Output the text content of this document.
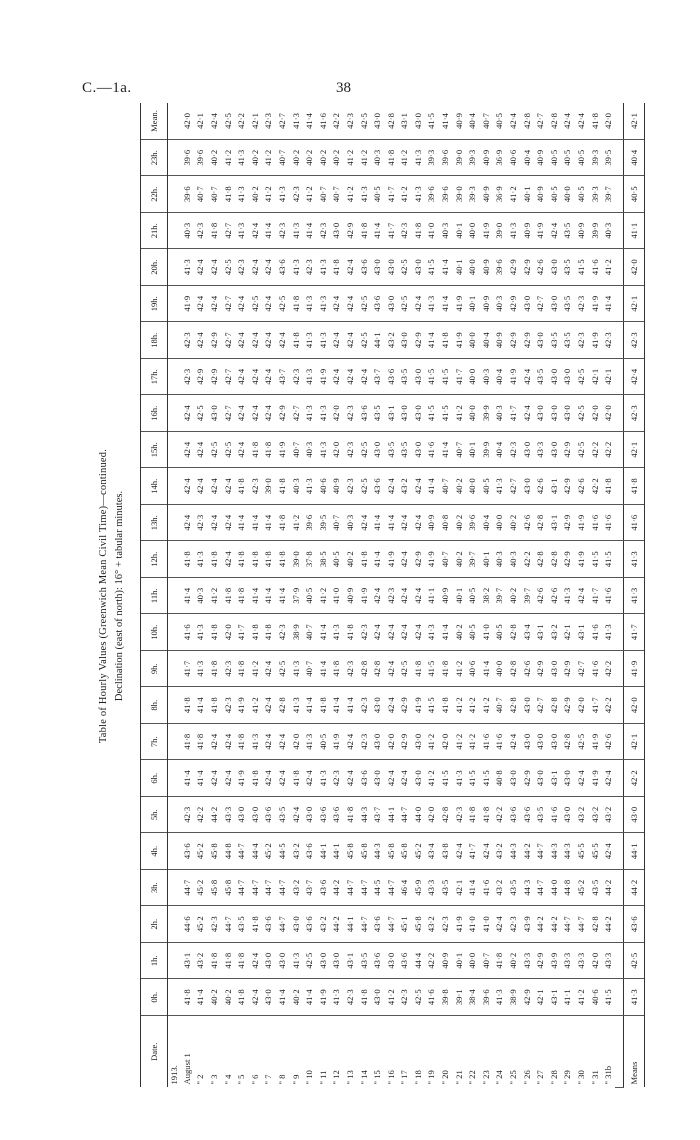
C.—1a.	38
Table of Hourly Values (Greenwich Mean Civil Time)—continued. Declination (east of north): 16° + tabular minutes.
Date.	0h.	1h.	2h.	3h.	4h.	5h.	6h.	7h.	8h.	9h.	10h.	11h.	12h.	13h.	14h.	15h.	16h.	17h.	18h.	19h.	20h.	21h.	22h.	23h.	Mean.
1913.																									
August 1	41·8	43·1	44·6	44·7	43·6	42·3	41·4	41·8	41·8	41·7	41·6	41·4	41·8	42·4	42·4	42·4	42·4	42·3	42·3	41·9	41·3	40·3	39·6	39·6	42·0
" 2	41·4	43·2	45·2	45·2	45·2	42·2	41·4	41·8	41·4	41·3	41·3	40·3	41·3	42·3	42·4	42·4	42·5	42·9	42·4	42·4	42·4	42·3	40·7	39·6	42·1
" 3	40·2	41·8	42·3	45·8	45·8	44·2	42·4	42·4	41·8	41·8	41·8	41·2	41·8	42·4	42·4	42·5	43·0	42·9	42·9	42·4	42·4	41·8	40·7	40·2	42·4
" 4	40·2	41·8	44·7	45·8	44·8	43·3	42·4	42·4	42·3	42·3	42·0	41·8	42·4	42·4	42·4	42·5	42·7	42·7	42·7	42·7	42·5	42·7	41·8	41·2	42·5
" 5	41·8	41·8	43·5	44·7	44·7	43·0	41·9	41·8	41·9	41·8	41·7	41·8	41·8	41·4	41·8	42·4	42·4	42·4	42·4	42·4	42·3	41·3	41·3	41·3	42·2
" 6	42·4	42·4	41·8	44·7	44·4	43·0	41·8	41·3	41·2	41·2	41·8	41·4	41·8	41·4	42·3	41·8	42·4	42·4	42·4	42·5	42·4	42·4	40·2	40·2	42·1
" 7	43·0	43·0	43·6	44·7	45·2	43·6	42·4	42·4	42·4	42·4	41·8	41·4	41·8	41·4	39·0	41·8	42·4	42·4	42·4	42·4	42·4	41·4	41·2	41·2	42·3
" 8	41·4	43·0	44·7	44·7	44·5	43·5	42·4	42·4	42·8	42·5	42·3	41·4	41·8	41·8	41·8	41·9	42·9	43·7	42·4	42·5	43·6	42·3	41·3	40·7	42·7
" 9	40·2	41·3	43·0	43·2	43·2	42·4	41·8	42·0	41·3	41·3	38·9	37·9	39·0	41·2	40·3	40·7	42·7	42·3	41·8	41·8	41·3	41·3	42·3	40·2	41·3
" 10	41·4	42·5	43·6	43·7	43·6	43·0	42·4	41·3	41·4	40·7	40·7	40·5	37·8	39·6	41·3	40·3	41·3	41·3	41·3	41·3	42·3	41·4	41·2	40·2	41·4
" 11	41·9	43·0	43·2	43·6	44·1	43·6	41·3	40·5	41·8	41·4	41·4	41·2	38·5	39·5	40·6	41·3	41·3	41·9	41·3	41·3	41·3	42·3	40·7	40·2	41·6
" 12	41·3	43·0	44·2	44·2	44·1	43·6	42·3	41·9	41·4	41·8	41·3	41·0	40·5	40·7	40·9	42·0	42·0	42·4	42·4	42·4	41·8	43·0	40·7	40·2	42·2
" 13	42·3	43·1	44·1	44·7	45·8	41·8	42·4	42·4	41·4	42·3	41·8	40·9	40·2	40·3	42·3	42·3	42·3	42·4	42·4	42·4	42·4	42·9	41·2	41·2	42·3
" 14	41·8	43·5	44·7	44·7	45·8	44·3	43·6	42·3	42·3	42·8	42·3	41·9	41·8	42·4	42·5	42·5	43·6	42·4	42·5	42·5	43·6	41·8	41·3	41·2	42·5
" 15	43·0	43·6	43·6	44·5	44·3	43·7	43·0	43·0	43·0	42·8	42·4	42·4	41·4	41·4	43·6	43·0	43·5	43·7	44·1	43·6	43·0	41·4	40·5	40·3	43·0
" 16	41·2	43·0	44·7	44·7	45·8	44·1	42·4	42·0	42·4	42·4	42·4	42·3	41·9	41·4	42·4	43·5	43·1	43·6	43·2	43·0	43·0	41·7	41·7	41·8	42·8
" 17	42·3	43·6	45·1	46·4	45·8	44·7	42·4	42·9	42·9	42·5	42·4	42·4	42·4	42·4	43·2	43·5	43·0	43·5	43·0	42·5	42·5	42·3	41·2	41·2	43·1
" 18	42·5	44·4	45·8	45·9	45·2	44·0	43·0	43·0	41·9	41·8	42·4	42·4	42·9	42·4	42·4	43·0	43·0	43·0	42·9	42·4	43·0	41·8	41·3	41·3	43·0
" 19	41·6	42·2	43·2	43·3	43·4	42·0	41·2	41·2	41·5	41·5	41·3	41·1	41·9	40·9	41·4	41·6	41·5	41·5	41·4	41·3	41·5	41·0	39·6	39·3	41·5
" 20	39·8	40·9	42·3	43·5	43·8	42·8	41·5	42·0	41·8	41·8	41·4	40·9	40·7	40·8	40·7	41·4	41·5	41·5	41·8	41·4	41·4	40·3	39·6	39·6	41·4
" 21	39·1	40·1	41·9	42·1	42·4	42·3	41·3	41·2	41·2	41·2	40·2	40·1	40·2	40·2	40·2	40·7	41·2	41·7	41·9	41·9	40·1	40·1	39·0	39·0	40·9
" 22	38·4	40·0	41·0	41·4	41·7	41·8	41·5	41·2	41·2	40·6	40·5	40·5	39·7	39·6	40·0	40·1	40·0	40·0	40·0	40·1	40·0	40·0	39·3	39·3	40·4
" 23	39·6	40·7	41·0	41·6	42·4	41·8	41·5	41·6	41·2	41·4	41·0	38·2	40·1	40·4	40·5	39·9	39·9	40·3	40·4	40·9	40·9	41·9	40·9	40·9	40·7
" 24	41·3	41·8	42·4	43·2	43·2	42·2	40·8	41·6	40·7	40·0	40·5	39·7	40·3	40·0	41·3	40·4	40·3	40·4	40·9	40·3	39·6	39·0	36·9	36·9	40·5
" 25	38·9	40·2	42·3	43·5	44·3	43·6	43·0	42·4	42·8	42·8	42·8	40·2	40·3	40·2	42·7	42·3	41·7	41·9	42·9	42·9	42·9	41·3	41·2	40·6	42·4
" 26	42·9	43·3	43·9	44·3	44·2	43·6	42·9	43·0	43·0	42·6	43·4	39·7	42·2	42·6	43·0	43·0	42·4	42·4	42·9	43·0	42·9	40·9	40·1	40·4	42·8
" 27	42·1	42·9	44·2	44·7	44·7	43·5	43·0	43·0	42·7	42·9	43·1	42·6	42·8	42·8	42·6	43·3	43·0	43·5	43·0	42·7	42·6	41·9	40·9	40·9	42·7
" 28	43·1	43·9	44·2	44·0	44·3	41·6	43·1	43·0	42·8	43·0	43·2	42·6	42·8	43·1	43·1	43·0	43·0	43·0	43·5	43·0	43·0	42·4	40·5	40·5	42·8
" 29	41·1	43·3	44·7	44·8	44·3	43·0	43·0	42·8	42·9	42·9	42·1	41·3	42·9	42·9	42·9	42·9	43·0	43·0	43·5	43·5	43·5	43·5	40·0	40·5	42·4
" 30	41·2	43·3	44·7	45·2	45·5	43·2	42·4	42·5	42·0	42·7	43·1	42·4	41·9	41·9	42·6	42·5	42·5	42·5	42·3	42·3	41·5	40·9	40·5	40·5	42·4
" 31	40·6	42·0	42·8	43·5	45·5	43·2	41·9	41·9	41·7	41·6	41·6	41·7	41·5	41·6	42·2	42·2	42·0	42·1	41·9	41·9	41·6	39·9	39·3	39·3	41·8
" 31b	41·5	43·3	44·2	44·2	42·4	43·2	42·4	42·6	42·2	42·2	41·3	41·6	41·5	41·6	41·8	42·2	42·0	42·1	42·3	41·4	41·2	40·3	39·7	39·5	42·0

Means	41·3	42·5	43·6	44·2	44·1	43·0	42·2	42·1	42·0	41·9	41·7	41·3	41·3	41·6	41·8	42·1	42·3	42·4	42·3	42·1	42·0	41·1	40·5	40·4	42·1
